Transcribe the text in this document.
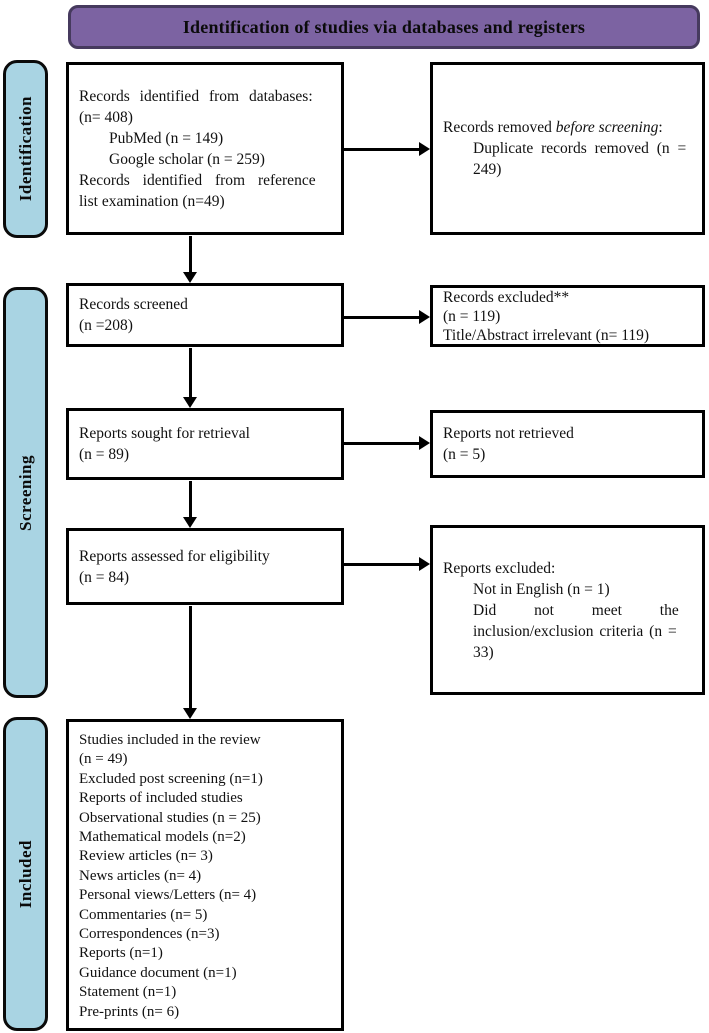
Identification of studies via databases and registers
Identification
Screening
Included
Records identified from databases:
(n= 408)
PubMed (n = 149)
Google scholar (n = 259)
Records identified from reference
list examination (n=49)
Records removed before screening:
Duplicate records removed (n =
249)
Records screened
(n =208)
Records excluded**
(n = 119)
Title/Abstract irrelevant (n= 119)
Reports sought for retrieval
(n = 89)
Reports not retrieved
(n = 5)
Reports assessed for eligibility
(n = 84)
Reports excluded:
Not in English (n = 1)
Did not meet the
inclusion/exclusion criteria (n =
33)
Studies included in the review
(n = 49)
Excluded post screening (n=1)
Reports of included studies
Observational studies (n = 25)
Mathematical models (n=2)
Review articles (n= 3)
News articles (n= 4)
Personal views/Letters (n= 4)
Commentaries (n= 5)
Correspondences (n=3)
Reports (n=1)
Guidance document (n=1)
Statement (n=1)
Pre-prints (n= 6)
